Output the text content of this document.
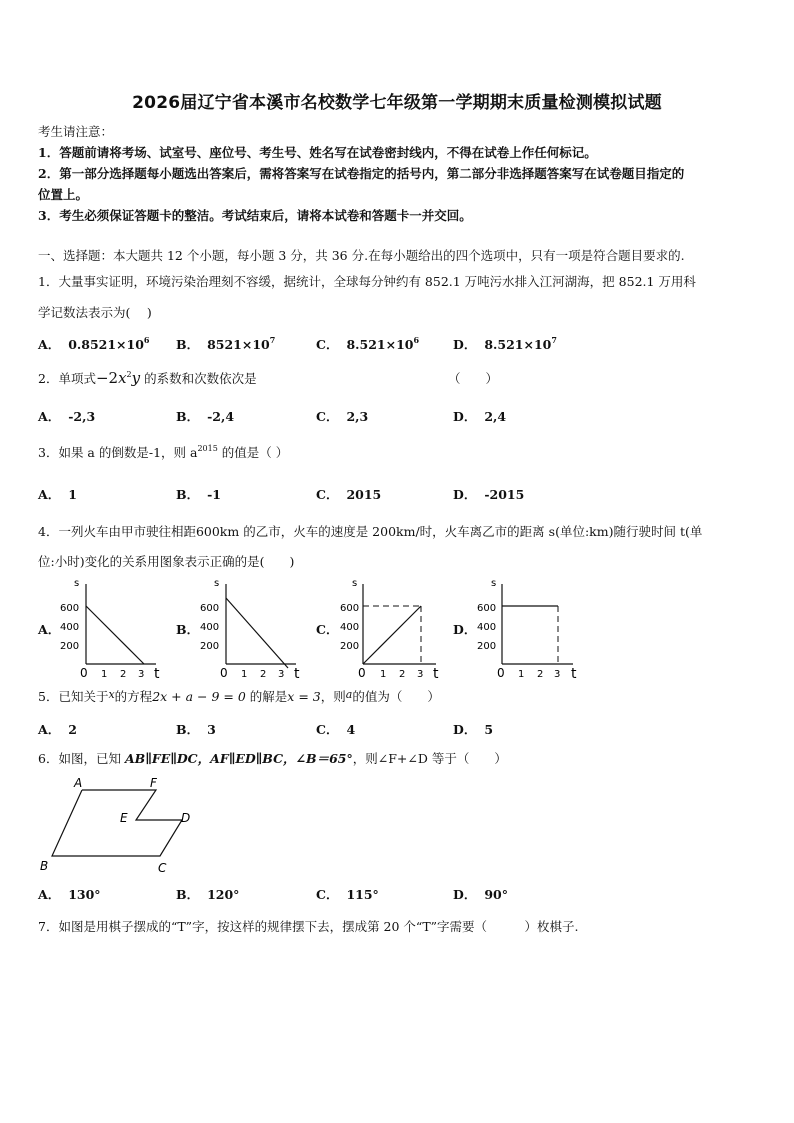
2026届辽宁省本溪市名校数学七年级第一学期期末质量检测模拟试题
考生请注意：
1．答题前请将考场、试室号、座位号、考生号、姓名写在试卷密封线内，不得在试卷上作任何标记。
2．第一部分选择题每小题选出答案后，需将答案写在试卷指定的括号内，第二部分非选择题答案写在试卷题目指定的
位置上。
3．考生必须保证答题卡的整洁。考试结束后，请将本试卷和答题卡一并交回。
一、选择题：本大题共 12 个小题，每小题 3 分，共 36 分.在每小题给出的四个选项中，只有一项是符合题目要求的.
1．大量事实证明，环境污染治理刻不容缓，据统计，全球每分钟约有 852.1 万吨污水排入江河湖海，把 852.1 万用科
学记数法表示为(　 )
A． $0.8521\times 10^6$ B． $8521\times 10^7$	C． $8.521\times 10^6$	D． $8.521\times 10^7$
2．单项式$-2x^2y$ 的系数和次数依次是	（　　）
A． -2,3	B． -2,4	C． 2,3	D． 2,4
3．如果 a 的倒数是-1，则 $a^{2015}$ 的值是（ ）
A． 1	B． -1	C． 2015	D． -2015
4．一列火车由甲市驶往相距600km 的乙市，火车的速度是 200km/时，火车离乙市的距离 s(单位:km)随行驶时间 t(单
位:小时)变化的关系用图象表示正确的是(　　)
A．	B．	C．	D．
s
600
400
200
0 1 2 3 t
s
600
400
200
0 1 2 3 t
s
600
400
200
0 1 2 3 t
s
600
400
200
0 1 2 3 t
5．已知关于x的方程2x + a − 9 = 0 的解是x = 3，则a的值为（　　）
A． 2	B． 3	C． 4	D． 5
6．如图，已知 AB∥FE∥DC，AF∥ED∥BC，∠B＝65°，则∠F+∠D 等于（　　）
A	F
E	D
B	C
A． 130°	B． 120°	C． 115°	D． 90°
7．如图是用棋子摆成的“T”字，按这样的规律摆下去，摆成第 20 个“T”字需要（　　　）枚棋子.
